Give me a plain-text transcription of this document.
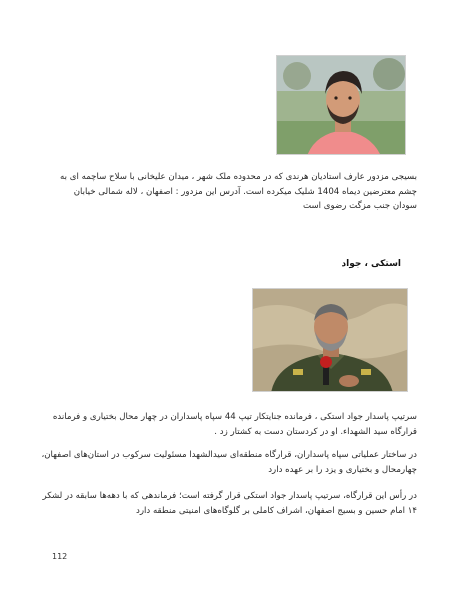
بسیجی مزدور عارف استادیان هرندی که در محدوده ملک شهر ، میدان علیخانی با سلاح ساچمه ای به
چشم معترضین دیماه 1404 شلیک میکرده است. آدرس این مزدور : اصفهان ، لاله شمالی خیابان
سودان جنب مزگت رضوی است

استکی ، جواد

سرتیپ پاسدار جواد استکی ، فرمانده جنایتکار تیپ 44 سپاه پاسداران در چهار محال بختیاری و فرمانده
قرارگاه سید الشهداء. او در کردستان دست به کشتار زد .

در ساختار عملیاتی سپاه پاسداران، قرارگاه منطقه‌ای سیدالشهدا مسئولیت سرکوب در استان‌های اصفهان،
چهارمحال و بختیاری و یزد را بر عهده دارد

در رأس این قرارگاه، سرتیپ پاسدار جواد استکی قرار گرفته است؛ فرماندهی که با دهه‌ها سابقه در لشکر
۱۴ امام حسین و بسیج اصفهان، اشراف کاملی بر گلوگاه‌های امنیتی منطقه دارد

112
